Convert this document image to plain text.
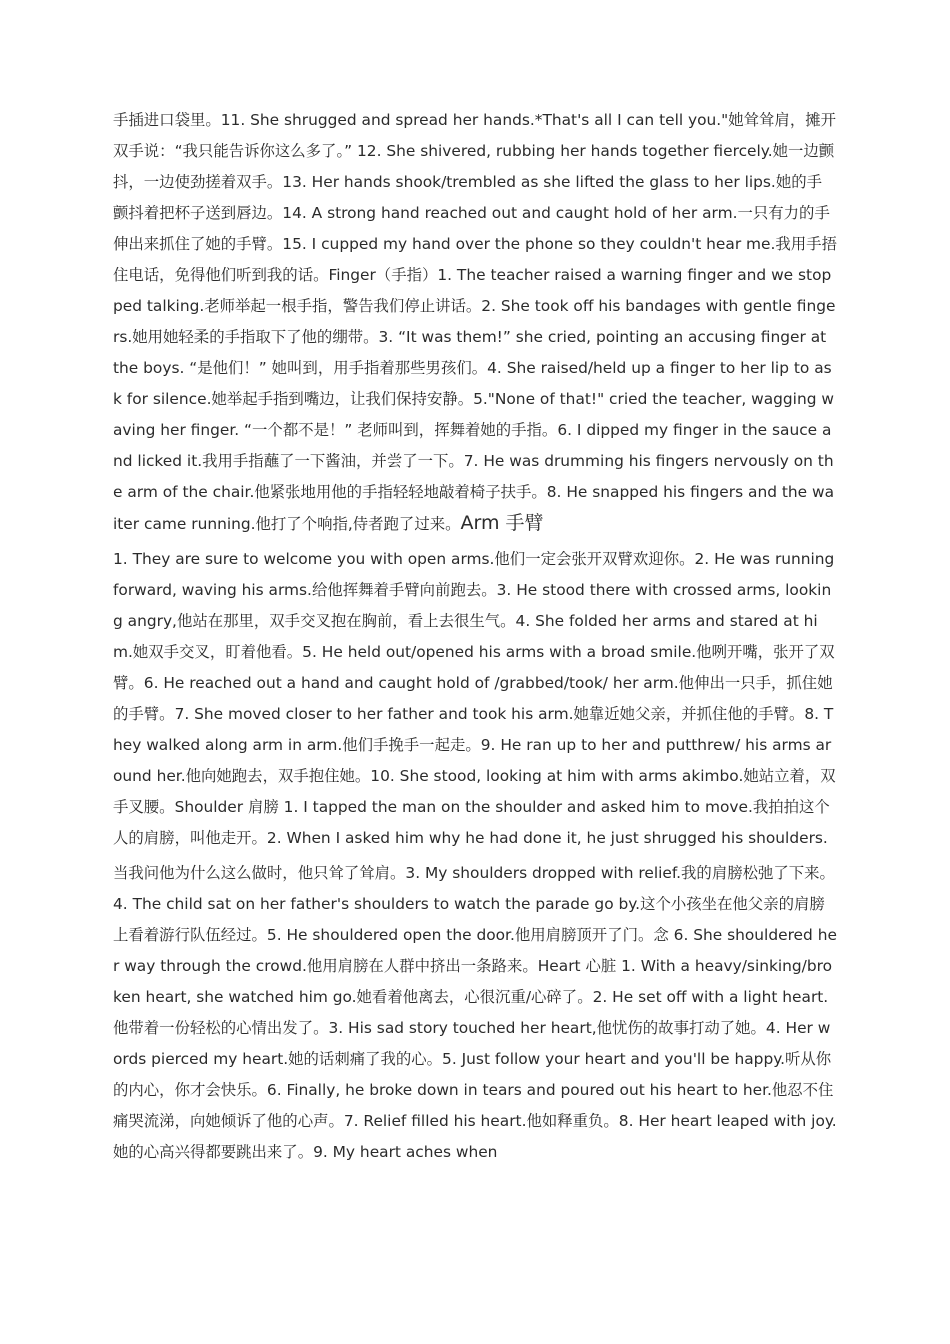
手插进口袋里。11. She shrugged and spread her hands.*That's all I can tell you."她耸耸肩，摊开双手说：“我只能告诉你这么多了。” 12. She shivered, rubbing her hands together fiercely.她一边颤抖，一边使劲搓着双手。13. Her hands shook/trembled as she lifted the glass to her lips.她的手颤抖着把杯子送到唇边。14. A strong hand reached out and caught hold of her arm.一只有力的手伸出来抓住了她的手臂。15. I cupped my hand over the phone so they couldn't hear me.我用手捂住电话，免得他们听到我的话。Finger（手指）1. The teacher raised a warning finger and we stopped talking.老师举起一根手指，警告我们停止讲话。2. She took off his bandages with gentle fingers.她用她轻柔的手指取下了他的绷带。3. “It was them!” she cried, pointing an accusing finger at the boys. “是他们！” 她叫到，用手指着那些男孩们。4. She raised/held up a finger to her lip to ask for silence.她举起手指到嘴边，让我们保持安静。5."None of that!" cried the teacher, wagging waving her finger. “一个都不是！” 老师叫到，挥舞着她的手指。6. I dipped my finger in the sauce and licked it.我用手指蘸了一下酱油，并尝了一下。7. He was drumming his fingers nervously on the arm of the chair.他紧张地用他的手指轻轻地敲着椅子扶手。8. He snapped his fingers and the waiter came running.他打了个响指,侍者跑了过来。Arm 手臂

1. They are sure to welcome you with open arms.他们一定会张开双臂欢迎你。2. He was running forward, waving his arms.给他挥舞着手臂向前跑去。3. He stood there with crossed arms, looking angry,他站在那里，双手交叉抱在胸前，看上去很生气。4. She folded her arms and stared at him.她双手交叉，盯着他看。5. He held out/opened his arms with a broad smile.他咧开嘴，张开了双臂。6. He reached out a hand and caught hold of /grabbed/took/ her arm.他伸出一只手，抓住她的手臂。7. She moved closer to her father and took his arm.她靠近她父亲，并抓住他的手臂。8. They walked along arm in arm.他们手挽手一起走。9. He ran up to her and putthrew/ his arms around her.他向她跑去，双手抱住她。10. She stood, looking at him with arms akimbo.她站立着，双手叉腰。Shoulder 肩膀 1. I tapped the man on the shoulder and asked him to move.我拍拍这个人的肩膀，叫他走开。2. When I asked him why he had done it, he just shrugged his shoulders.

当我问他为什么这么做时，他只耸了耸肩。3. My shoulders dropped with relief.我的肩膀松弛了下来。4. The child sat on her father's shoulders to watch the parade go by.这个小孩坐在他父亲的肩膀上看着游行队伍经过。5. He shouldered open the door.他用肩膀顶开了门。念 6. She shouldered her way through the crowd.他用肩膀在人群中挤出一条路来。Heart 心脏 1. With a heavy/sinking/broken heart, she watched him go.她看着他离去，心很沉重/心碎了。2. He set off with a light heart.他带着一份轻松的心情出发了。3. His sad story touched her heart,他忧伤的故事打动了她。4. Her words pierced my heart.她的话刺痛了我的心。5. Just follow your heart and you'll be happy.听从你的内心，你才会快乐。6. Finally, he broke down in tears and poured out his heart to her.他忍不住痛哭流涕，向她倾诉了他的心声。7. Relief filled his heart.他如释重负。8. Her heart leaped with joy.她的心高兴得都要跳出来了。9. My heart aches when
